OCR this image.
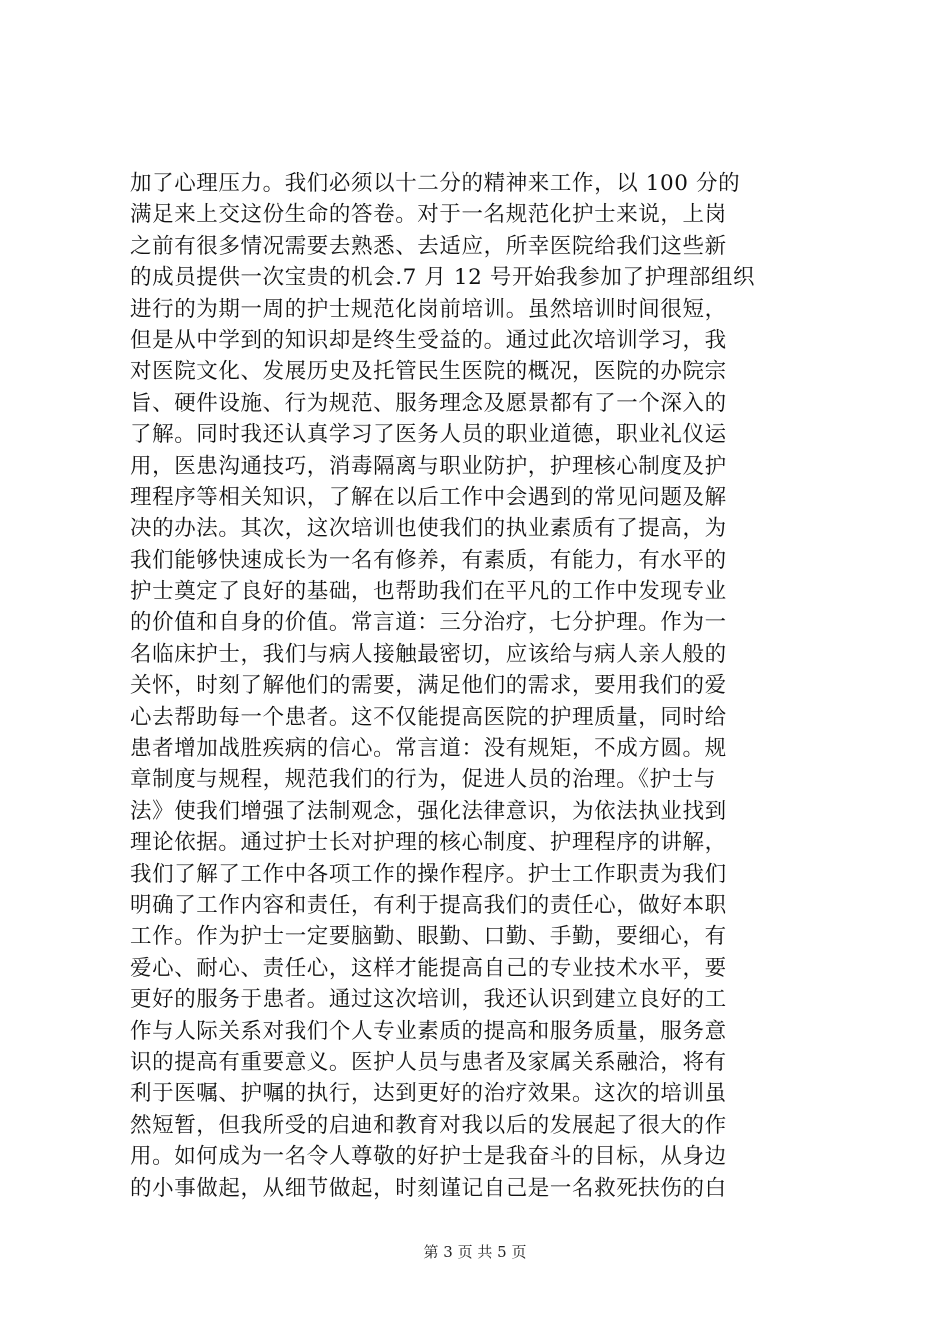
加了心理压力。我们必须以十二分的精神来工作，以 100 分的
满足来上交这份生命的答卷。对于一名规范化护士来说，上岗
之前有很多情况需要去熟悉、去适应，所幸医院给我们这些新
的成员提供一次宝贵的机会.7 月 12 号开始我参加了护理部组织
进行的为期一周的护士规范化岗前培训。虽然培训时间很短，
但是从中学到的知识却是终生受益的。通过此次培训学习，我
对医院文化、发展历史及托管民生医院的概况，医院的办院宗
旨、硬件设施、行为规范、服务理念及愿景都有了一个深入的
了解。同时我还认真学习了医务人员的职业道德，职业礼仪运
用，医患沟通技巧，消毒隔离与职业防护，护理核心制度及护
理程序等相关知识，了解在以后工作中会遇到的常见问题及解
决的办法。其次，这次培训也使我们的执业素质有了提高，为
我们能够快速成长为一名有修养，有素质，有能力，有水平的
护士奠定了良好的基础，也帮助我们在平凡的工作中发现专业
的价值和自身的价值。常言道：三分治疗，七分护理。作为一
名临床护士，我们与病人接触最密切，应该给与病人亲人般的
关怀，时刻了解他们的需要，满足他们的需求，要用我们的爱
心去帮助每一个患者。这不仅能提高医院的护理质量，同时给
患者增加战胜疾病的信心。常言道：没有规矩，不成方圆。规
章制度与规程，规范我们的行为，促进人员的治理。《护士与
法》使我们增强了法制观念，强化法律意识，为依法执业找到
理论依据。通过护士长对护理的核心制度、护理程序的讲解，
我们了解了工作中各项工作的操作程序。护士工作职责为我们
明确了工作内容和责任，有利于提高我们的责任心，做好本职
工作。作为护士一定要脑勤、眼勤、口勤、手勤，要细心，有
爱心、耐心、责任心，这样才能提高自己的专业技术水平，要
更好的服务于患者。通过这次培训，我还认识到建立良好的工
作与人际关系对我们个人专业素质的提高和服务质量，服务意
识的提高有重要意义。医护人员与患者及家属关系融洽，将有
利于医嘱、护嘱的执行，达到更好的治疗效果。这次的培训虽
然短暂，但我所受的启迪和教育对我以后的发展起了很大的作
用。如何成为一名令人尊敬的好护士是我奋斗的目标，从身边
的小事做起，从细节做起，时刻谨记自己是一名救死扶伤的白
第 3 页 共 5 页
